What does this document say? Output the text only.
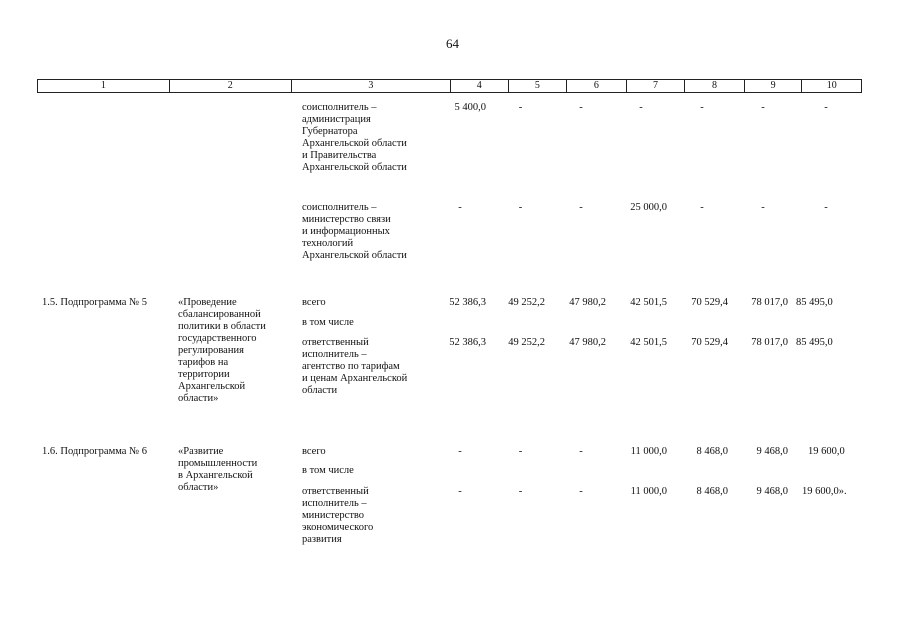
64
1	2	3	4	5	6	7	8	9	10
соисполнитель –
администрация
Губернатора
Архангельской области
и Правительства
Архангельской области
5 400,0	-	-	-	-	-	-
соисполнитель –
министерство связи
и информационных
технологий
Архангельской области
-	-	-	25 000,0	-	-	-
1.5. Подпрограмма № 5	«Проведение
сбалансированной
политики в области
государственного
регулирования
тарифов на
территории
Архангельской
области»
всего	52 386,3	49 252,2	47 980,2	42 501,5	70 529,4	78 017,0 85 495,0
в том числе
ответственный
исполнитель –
агентство по тарифам
и ценам Архангельской
области
52 386,3	49 252,2	47 980,2	42 501,5	70 529,4	78 017,0 85 495,0
1.6. Подпрограмма № 6	«Развитие
промышленности
в Архангельской
области»
всего	-	-	-	11 000,0	8 468,0	9 468,0	19 600,0
в том числе
ответственный
исполнитель –
министерство
экономического
развития
-	-	-	11 000,0	8 468,0	9 468,0	19 600,0».
